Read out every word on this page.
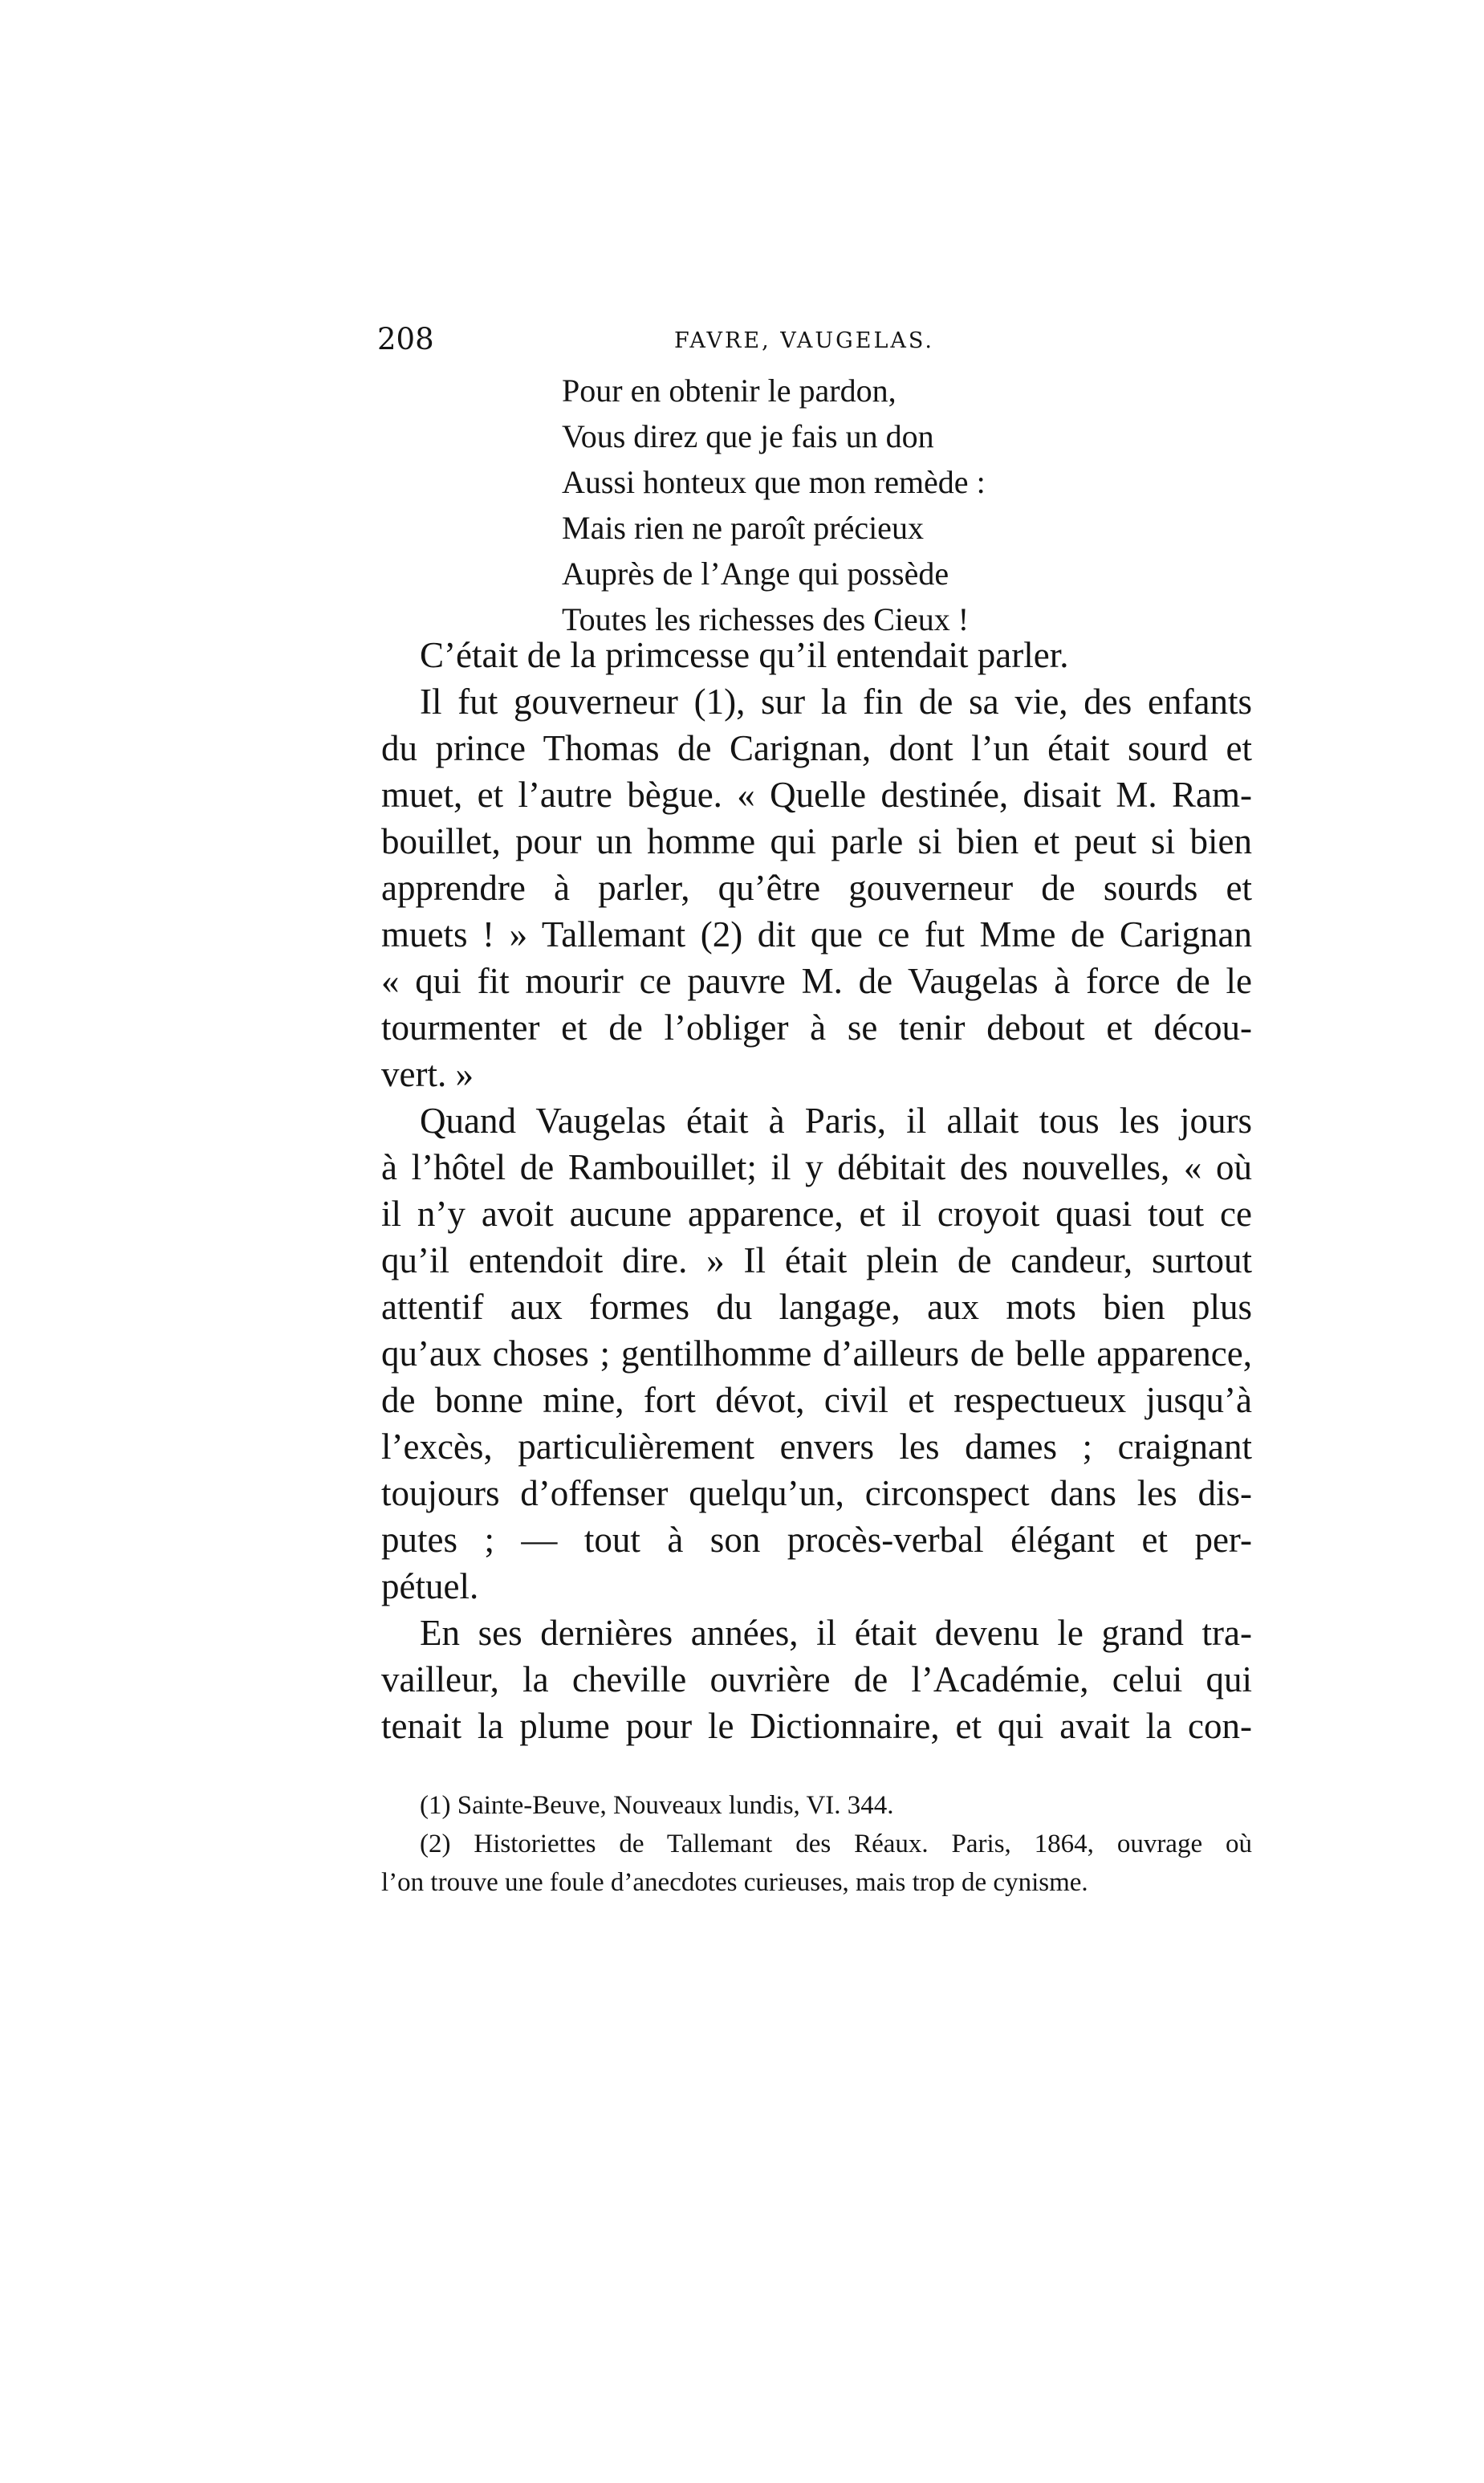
208	FAVRE, VAUGELAS.
Pour en obtenir le pardon,
Vous direz que je fais un don
Aussi honteux que mon remède :
Mais rien ne paroît précieux
Auprès de l’Ange qui possède
Toutes les richesses des Cieux !
C’était de la primcesse qu’il entendait parler.
Il fut gouverneur (1), sur la fin de sa vie, des enfants
du prince Thomas de Carignan, dont l’un était sourd et
muet, et l’autre bègue. « Quelle destinée, disait M. Ram-
bouillet, pour un homme qui parle si bien et peut si bien
apprendre à parler, qu’être gouverneur de sourds et
muets ! » Tallemant (2) dit que ce fut Mme de Carignan
« qui fit mourir ce pauvre M. de Vaugelas à force de le
tourmenter et de l’obliger à se tenir debout et décou-
vert. »
Quand Vaugelas était à Paris, il allait tous les jours
à l’hôtel de Rambouillet; il y débitait des nouvelles, « où
il n’y avoit aucune apparence, et il croyoit quasi tout ce
qu’il entendoit dire. » Il était plein de candeur, surtout
attentif aux formes du langage, aux mots bien plus
qu’aux choses ; gentilhomme d’ailleurs de belle apparence,
de bonne mine, fort dévot, civil et respectueux jusqu’à
l’excès, particulièrement envers les dames ; craignant
toujours d’offenser quelqu’un, circonspect dans les dis-
putes ; — tout à son procès-verbal élégant et per-
pétuel.
En ses dernières années, il était devenu le grand tra-
vailleur, la cheville ouvrière de l’Académie, celui qui
tenait la plume pour le Dictionnaire, et qui avait la con-
(1) Sainte-Beuve, Nouveaux lundis, VI. 344.
(2) Historiettes de Tallemant des Réaux. Paris, 1864, ouvrage où
l’on trouve une foule d’anecdotes curieuses, mais trop de cynisme.
